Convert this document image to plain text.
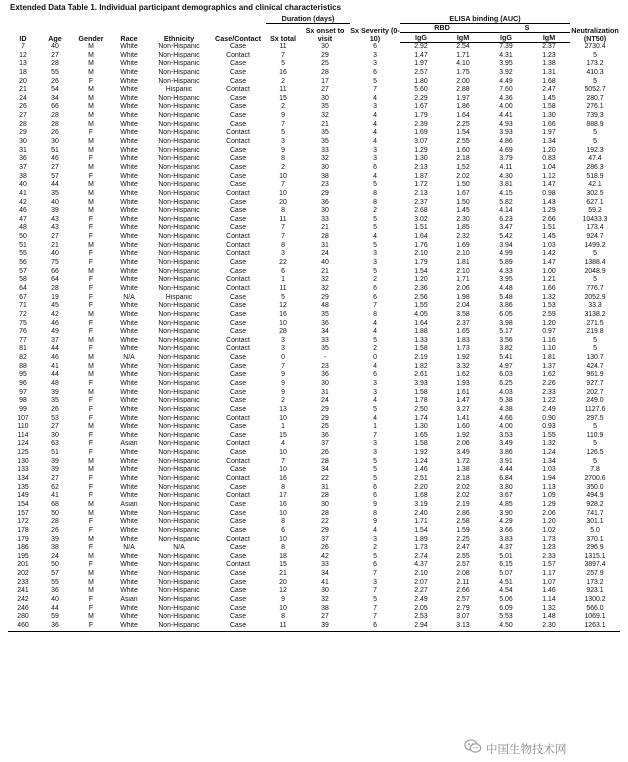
Extended Data Table 1. Individual participant demographics and clinical characteristics
ID	Age	Gender	Race	Ethnicity	Case/Contact	Duration (days)		Sx Severity (0-10)	ELISA binding (AUC)				Neutralization (NT50)
						Sx total	Sx onset to visit		RBD		S		
									IgG	IgM	IgG	IgM	
7	40	M	White	Non-Hispanic	Case	11	30	6	2.92	2.54	7.39	2.37	2730.4
12	27	M	White	Non-Hispanic	Contact	7	29	3	1.47	1.71	4.31	1.23	5
13	28	M	White	Non-Hispanic	Case	5	25	3	1.97	4.10	3.95	1.38	173.2
18	55	M	White	Non-Hispanic	Case	16	28	6	2.57	1.75	3.92	1.31	410.3
20	26	F	White	Non-Hispanic	Case	2	17	5	1.80	2.00	4.49	1.68	5
21	54	M	White	Hispanic	Contact	11	27	7	5.60	2.88	7.60	2.47	5052.7
24	34	M	White	Non-Hispanic	Case	15	30	4	2.29	1.97	4.36	1.45	280.7
26	66	M	White	Non-Hispanic	Case	2	35	3	1.67	1.86	4.00	1.58	276.1
27	28	M	White	Non-Hispanic	Case	9	32	4	1.79	1.64	4.41	1.30	739.3
28	28	M	White	Non-Hispanic	Case	7	21	4	2.39	2.25	4.93	1.66	888.9
29	26	F	White	Non-Hispanic	Contact	5	35	4	1.69	1.54	3.93	1.97	5
30	30	M	White	Non-Hispanic	Contact	3	35	4	3.07	2.55	4.86	1.34	5
31	51	M	White	Non-Hispanic	Case	9	33	3	1.29	1.60	4.69	1.20	192.3
36	46	F	White	Non-Hispanic	Case	8	32	3	1.30	2.18	3.79	0.83	47.4
37	27	M	White	Non-Hispanic	Case	2	30	6	2.13	1.52	4.11	1.04	286.3
38	57	F	White	Non-Hispanic	Case	10	38	4	1.87	2.02	4.30	1.12	518.9
40	44	M	White	Non-Hispanic	Case	7	23	5	1.72	1.50	3.81	1.47	42.1
41	35	M	White	Non-Hispanic	Contact	10	29	8	2.13	1.67	4.15	0.98	302.5
42	40	M	White	Non-Hispanic	Case	20	36	8	2.37	1.50	5.82	1.43	627.1
46	39	M	White	Non-Hispanic	Case	8	30	2	2.68	1.45	4.14	1.29	59.2
47	43	F	White	Non-Hispanic	Case	11	33	5	3.02	2.30	6.23	2.66	10433.3
48	43	F	White	Non-Hispanic	Case	7	21	5	1.51	1.85	3.47	1.51	173.4
50	27	F	White	Non-Hispanic	Contact	7	28	4	1.64	2.32	5.42	1.45	924.7
51	21	M	White	Non-Hispanic	Contact	8	31	5	1.76	1.69	3.94	1.03	1499.2
55	40	F	White	Non-Hispanic	Contact	3	24	3	2.10	2.10	4.99	1.42	5
56	75	F	White	Non-Hispanic	Case	22	40	3	1.79	1.81	5.89	1.47	1388.4
57	66	M	White	Non-Hispanic	Case	6	21	5	1.54	2.10	4.33	1.00	2048.9
58	64	F	White	Non-Hispanic	Contact	1	32	2	1.20	1.71	3.95	1.21	5
64	28	F	White	Non-Hispanic	Contact	11	32	6	2.36	2.06	4.48	1.66	776.7
67	19	F	N/A	Hispanic	Case	5	29	6	2.56	1.98	5.48	1.32	2052.9
71	45	F	White	Non-Hispanic	Case	12	48	7	1.55	2.04	3.86	1.53	33.3
72	42	M	White	Non-Hispanic	Case	16	35	8	4.05	3.58	6.05	2.59	3138.2
75	46	F	White	Non-Hispanic	Case	10	36	4	1.64	2.37	3.98	1.20	271.5
76	49	F	White	Non-Hispanic	Case	28	34	4	1.88	1.65	5.17	0.97	219.8
77	37	M	White	Non-Hispanic	Contact	3	33	5	1.33	1.83	3.56	1.16	5
81	44	F	White	Non-Hispanic	Contact	3	35	2	1.58	1.73	3.82	1.10	5
82	46	M	N/A	Non-Hispanic	Case	0	-	0	2.19	1.92	5.41	1.81	130.7
88	41	M	White	Non-Hispanic	Case	7	23	4	1.82	3.32	4.97	1.37	424.7
95	44	M	White	Non-Hispanic	Case	9	36	6	2.61	1.62	6.03	1.62	961.9
96	48	F	White	Non-Hispanic	Case	9	30	3	3.93	1.93	6.25	2.26	927.7
97	39	M	White	Non-Hispanic	Case	9	31	3	1.58	1.61	4.03	2.33	202.7
98	35	F	White	Non-Hispanic	Case	2	24	4	1.78	1.47	5.38	1.22	249.0
99	26	F	White	Non-Hispanic	Case	13	29	5	2.50	3.27	4.38	2.49	1127.6
107	53	F	White	Non-Hispanic	Contact	10	29	4	1.74	1.41	4.66	0.90	297.5
110	27	M	White	Non-Hispanic	Case	1	25	1	1.30	1.60	4.00	0.93	5
114	30	F	White	Non-Hispanic	Case	15	36	7	1.65	1.92	3.53	1.55	110.9
124	63	F	Asian	Non-Hispanic	Contact	4	37	3	1.58	2.06	3.49	1.32	5
125	51	F	White	Non-Hispanic	Case	10	26	3	1.92	3.49	3.86	1.24	126.5
130	39	M	White	Non-Hispanic	Contact	7	28	5	1.24	1.72	3.91	1.34	5
133	39	M	White	Non-Hispanic	Case	10	34	5	1.46	1.38	4.44	1.03	7.8
134	27	F	White	Non-Hispanic	Contact	16	22	5	2.51	2.18	6.84	1.94	2700.6
135	62	F	White	Non-Hispanic	Case	8	31	6	2.20	2.02	3.80	1.13	350.0
149	41	F	White	Non-Hispanic	Contact	17	28	6	1.68	2.02	3.67	1.09	494.9
154	68	M	Asian	Non-Hispanic	Case	16	30	9	3.19	2.19	4.85	1.29	928.2
157	50	M	White	Non-Hispanic	Case	10	28	8	2.40	2.86	3.90	2.06	741.7
172	28	F	White	Non-Hispanic	Case	8	22	9	1.71	2.58	4.29	1.20	301.1
178	26	F	White	Non-Hispanic	Case	6	29	4	1.54	1.59	3.66	1.02	5.0
179	39	M	White	Non-Hispanic	Contact	10	37	3	1.89	2.25	3.83	1.73	370.1
186	38	F	N/A	N/A	Case	8	26	2	1.73	2.47	4.37	1.23	296.9
195	24	M	White	Non-Hispanic	Case	18	42	5	2.74	2.55	5.01	2.33	1315.1
201	50	F	White	Non-Hispanic	Contact	15	33	6	4.37	2.57	6.15	1.57	3897.4
202	57	M	White	Non-Hispanic	Case	21	34	7	2.10	2.08	5.07	1.17	257.9
233	55	M	White	Non-Hispanic	Case	20	41	3	2.07	2.11	4.51	1.07	173.2
241	36	M	White	Non-Hispanic	Case	12	30	7	2.27	2.66	4.54	1.46	923.1
242	40	F	Asian	Non-Hispanic	Case	9	32	5	2.49	2.57	5.06	1.14	1300.2
246	44	F	White	Non-Hispanic	Case	10	38	7	2.05	2.79	6.09	1.32	566.0
280	59	M	White	Non-Hispanic	Case	8	27	7	2.53	3.07	5.53	1.48	1069.1
460	36	F	White	Non-Hispanic	Case	11	39	6	2.94	3.13	4.50	2.30	1263.1
中国生物技术网
